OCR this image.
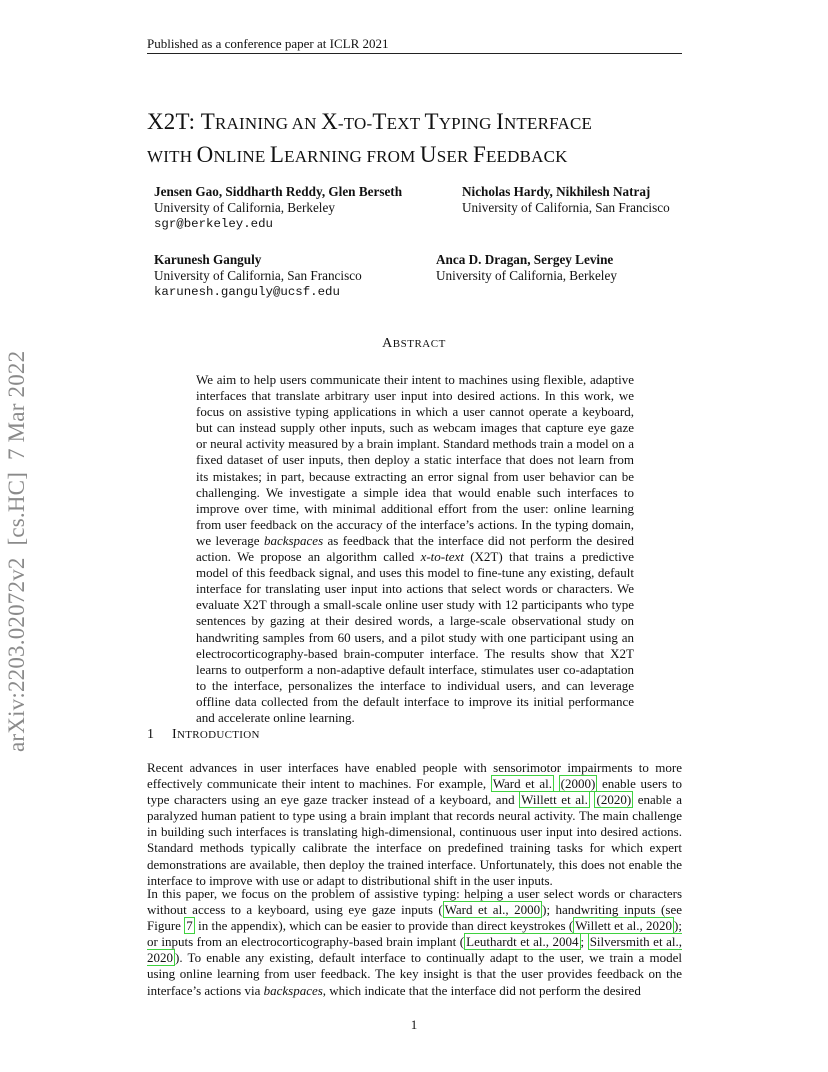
Published as a conference paper at ICLR 2021
X2T: TRAINING AN X-TO-TEXT TYPING INTERFACE
WITH ONLINE LEARNING FROM USER FEEDBACK
Jensen Gao, Siddharth Reddy, Glen Berseth
University of California, Berkeley
sgr@berkeley.edu
Nicholas Hardy, Nikhilesh Natraj
University of California, San Francisco
Karunesh Ganguly
University of California, San Francisco
karunesh.ganguly@ucsf.edu
Anca D. Dragan, Sergey Levine
University of California, Berkeley
arXiv:2203.02072v2  [cs.HC]  7 Mar 2022
ABSTRACT
We aim to help users communicate their intent to machines using flexible, adaptive interfaces that translate arbitrary user input into desired actions. In this work, we focus on assistive typing applications in which a user cannot operate a keyboard, but can instead supply other inputs, such as webcam images that capture eye gaze or neural activity measured by a brain implant. Standard methods train a model on a fixed dataset of user inputs, then deploy a static interface that does not learn from its mistakes; in part, because extracting an error signal from user behavior can be challenging. We investigate a simple idea that would enable such interfaces to improve over time, with minimal additional effort from the user: online learning from user feedback on the accuracy of the interface’s actions. In the typing domain, we leverage backspaces as feedback that the interface did not perform the desired action. We propose an algorithm called x-to-text (X2T) that trains a predictive model of this feedback signal, and uses this model to fine-tune any existing, default interface for translating user input into actions that select words or characters. We evaluate X2T through a small-scale online user study with 12 participants who type sentences by gazing at their desired words, a large-scale observational study on handwriting samples from 60 users, and a pilot study with one participant using an electrocorticography-based brain-computer interface. The results show that X2T learns to outperform a non-adaptive default interface, stimulates user co-adaptation to the interface, personalizes the interface to individual users, and can leverage offline data collected from the default interface to improve its initial performance and accelerate online learning.
1 INTRODUCTION
Recent advances in user interfaces have enabled people with sensorimotor impairments to more effectively communicate their intent to machines. For example, Ward et al. (2000) enable users to type characters using an eye gaze tracker instead of a keyboard, and Willett et al. (2020) enable a paralyzed human patient to type using a brain implant that records neural activity. The main challenge in building such interfaces is translating high-dimensional, continuous user input into desired actions. Standard methods typically calibrate the interface on predefined training tasks for which expert demonstrations are available, then deploy the trained interface. Unfortunately, this does not enable the interface to improve with use or adapt to distributional shift in the user inputs.
In this paper, we focus on the problem of assistive typing: helping a user select words or characters without access to a keyboard, using eye gaze inputs ( Ward et al., 2000 ); handwriting inputs (see Figure 7 in the appendix), which can be easier to provide than direct keystrokes ( Willett et al., 2020 ); or inputs from an electrocorticography-based brain implant ( Leuthardt et al., 2004 ; Silversmith et al., 2020 ). To enable any existing, default interface to continually adapt to the user, we train a model using online learning from user feedback. The key insight is that the user provides feedback on the interface’s actions via backspaces, which indicate that the interface did not perform the desired
1
